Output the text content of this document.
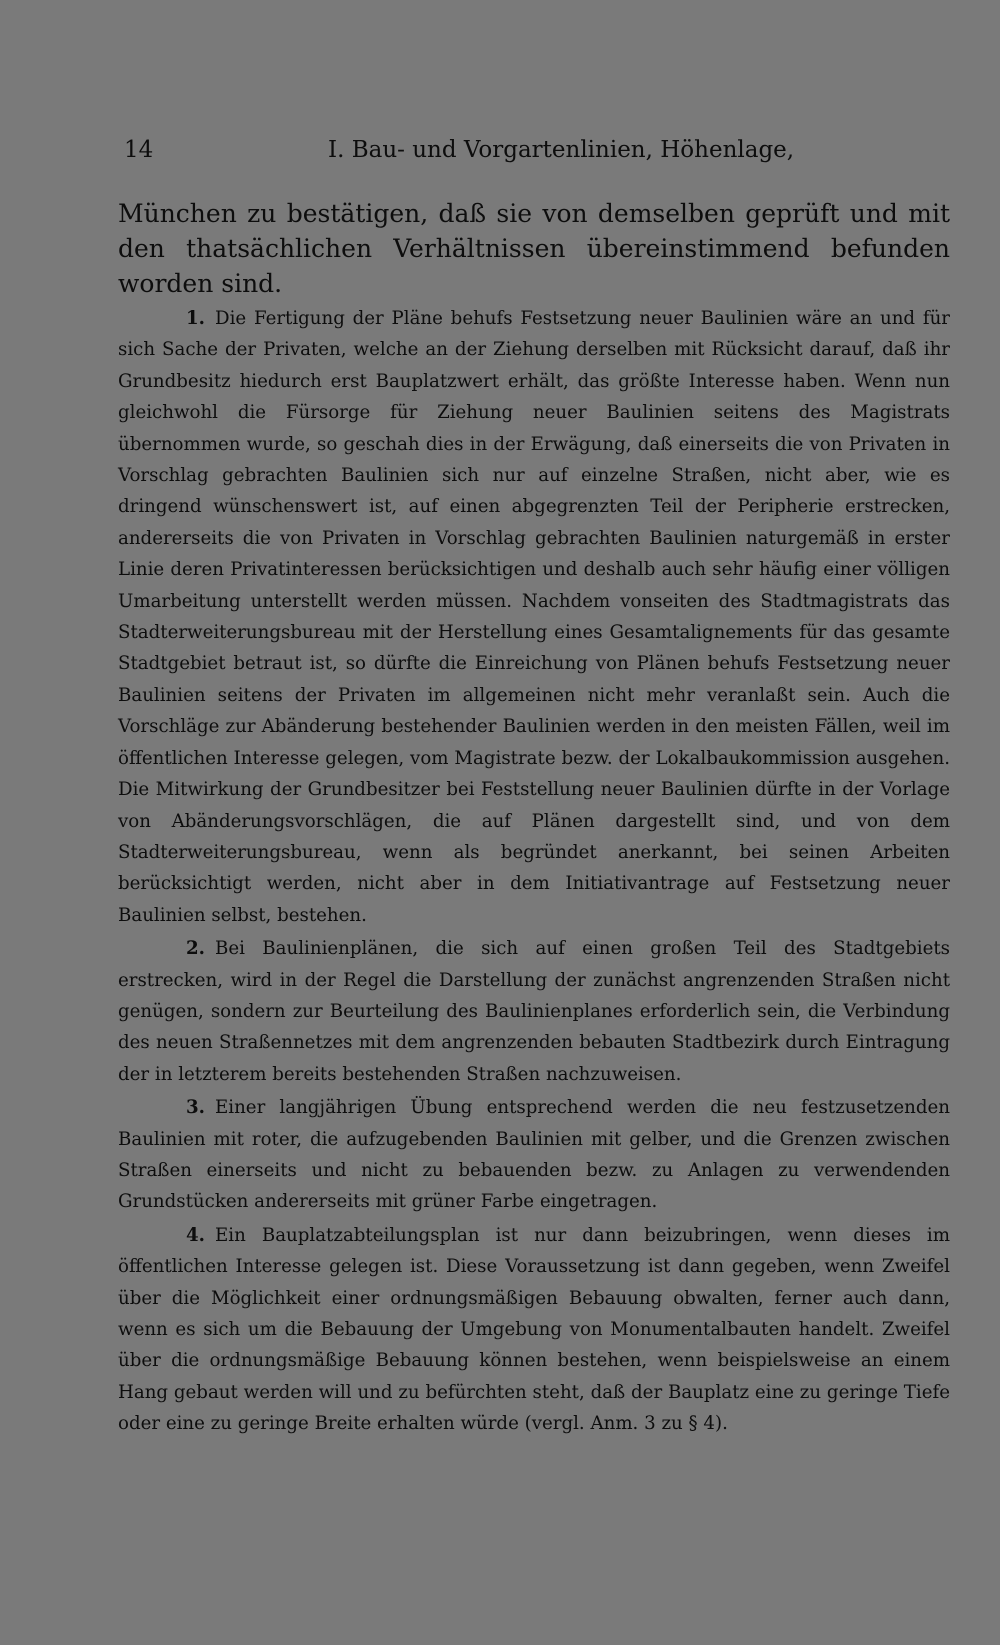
14	I. Bau- und Vorgartenlinien, Höhenlage,

München zu bestätigen, daß sie von demselben geprüft und mit den thatsächlichen Verhältnissen übereinstimmend befunden worden sind.

1. Die Fertigung der Pläne behufs Festsetzung neuer Baulinien wäre an und für sich Sache der Privaten, welche an der Ziehung derselben mit Rücksicht darauf, daß ihr Grundbesitz hiedurch erst Bauplatzwert erhält, das größte Interesse haben. Wenn nun gleichwohl die Fürsorge für Ziehung neuer Baulinien seitens des Magistrats übernommen wurde, so geschah dies in der Erwägung, daß einerseits die von Privaten in Vorschlag gebrachten Baulinien sich nur auf einzelne Straßen, nicht aber, wie es dringend wünschenswert ist, auf einen abgegrenzten Teil der Peripherie erstrecken, andererseits die von Privaten in Vorschlag gebrachten Baulinien naturgemäß in erster Linie deren Privatinteressen berücksichtigen und deshalb auch sehr häufig einer völligen Umarbeitung unterstellt werden müssen. Nachdem vonseiten des Stadtmagistrats das Stadterweiterungsbureau mit der Herstellung eines Gesamtalignements für das gesamte Stadtgebiet betraut ist, so dürfte die Einreichung von Plänen behufs Festsetzung neuer Baulinien seitens der Privaten im allgemeinen nicht mehr veranlaßt sein. Auch die Vorschläge zur Abänderung bestehender Baulinien werden in den meisten Fällen, weil im öffentlichen Interesse gelegen, vom Magistrate bezw. der Lokalbaukommission ausgehen. Die Mitwirkung der Grundbesitzer bei Feststellung neuer Baulinien dürfte in der Vorlage von Abänderungsvorschlägen, die auf Plänen dargestellt sind, und von dem Stadterweiterungsbureau, wenn als begründet anerkannt, bei seinen Arbeiten berücksichtigt werden, nicht aber in dem Initiativantrage auf Festsetzung neuer Baulinien selbst, bestehen.

2. Bei Baulinienplänen, die sich auf einen großen Teil des Stadtgebiets erstrecken, wird in der Regel die Darstellung der zunächst angrenzenden Straßen nicht genügen, sondern zur Beurteilung des Baulinienplanes erforderlich sein, die Verbindung des neuen Straßennetzes mit dem angrenzenden bebauten Stadtbezirk durch Eintragung der in letzterem bereits bestehenden Straßen nachzuweisen.

3. Einer langjährigen Übung entsprechend werden die neu festzusetzenden Baulinien mit roter, die aufzugebenden Baulinien mit gelber, und die Grenzen zwischen Straßen einerseits und nicht zu bebauenden bezw. zu Anlagen zu verwendenden Grundstücken andererseits mit grüner Farbe eingetragen.

4. Ein Bauplatzabteilungsplan ist nur dann beizubringen, wenn dieses im öffentlichen Interesse gelegen ist. Diese Voraussetzung ist dann gegeben, wenn Zweifel über die Möglichkeit einer ordnungsmäßigen Bebauung obwalten, ferner auch dann, wenn es sich um die Bebauung der Umgebung von Monumentalbauten handelt. Zweifel über die ordnungsmäßige Bebauung können bestehen, wenn beispielsweise an einem Hang gebaut werden will und zu befürchten steht, daß der Bauplatz eine zu geringe Tiefe oder eine zu geringe Breite erhalten würde (vergl. Anm. 3 zu § 4).
